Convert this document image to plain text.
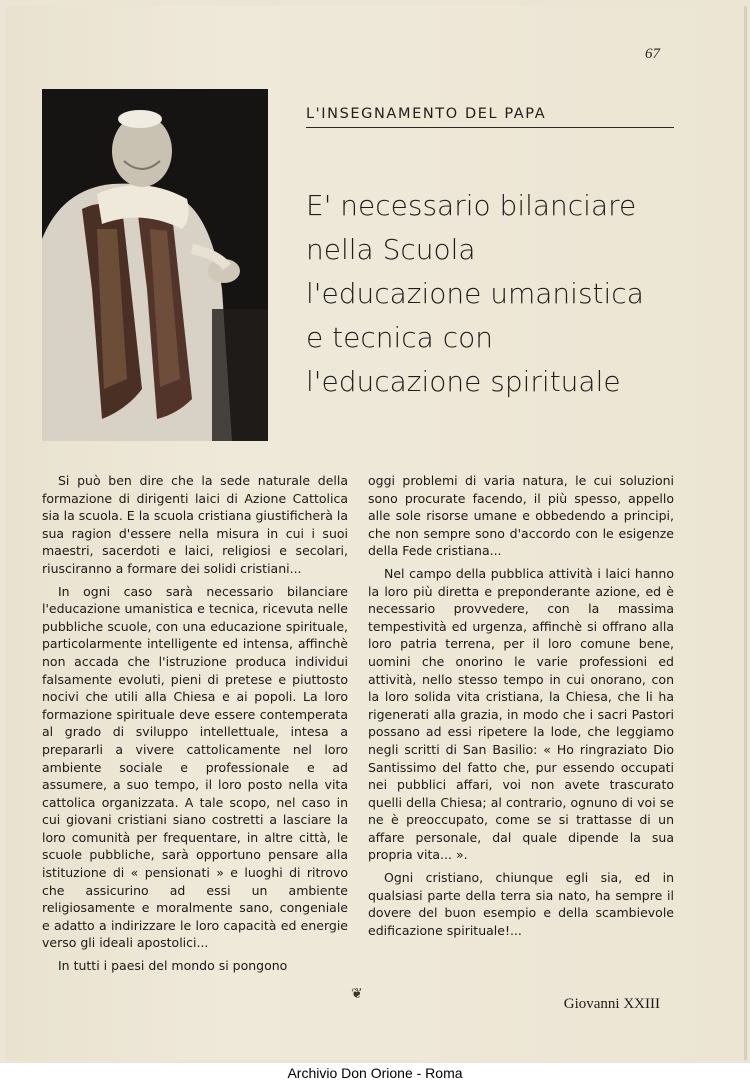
67
L'INSEGNAMENTO DEL PAPA
E' necessario bilanciare
nella Scuola
l'educazione umanistica
e tecnica con
l'educazione spirituale

Si può ben dire che la sede naturale della formazione di dirigenti laici di Azione Cattolica sia la scuola. E la scuola cristiana giustificherà la sua ragion d'essere nella misura in cui i suoi maestri, sacerdoti e laici, religiosi e secolari, riusciranno a formare dei solidi cristiani...

In ogni caso sarà necessario bilanciare l'educazione umanistica e tecnica, ricevuta nelle pubbliche scuole, con una educazione spirituale, particolarmente intelligente ed intensa, affinchè non accada che l'istruzione produca individui falsamente evoluti, pieni di pretese e piuttosto nocivi che utili alla Chiesa e ai popoli. La loro formazione spirituale deve essere contemperata al grado di sviluppo intellettuale, intesa a prepararli a vivere cattolicamente nel loro ambiente sociale e professionale e ad assumere, a suo tempo, il loro posto nella vita cattolica organizzata. A tale scopo, nel caso in cui giovani cristiani siano costretti a lasciare la loro comunità per frequentare, in altre città, le scuole pubbliche, sarà opportuno pensare alla istituzione di « pensionati » e luoghi di ritrovo che assicurino ad essi un ambiente religiosamente e moralmente sano, congeniale e adatto a indirizzare le loro capacità ed energie verso gli ideali apostolici...

In tutti i paesi del mondo si pongono

oggi problemi di varia natura, le cui soluzioni sono procurate facendo, il più spesso, appello alle sole risorse umane e obbedendo a principi, che non sempre sono d'accordo con le esigenze della Fede cristiana...

Nel campo della pubblica attività i laici hanno la loro più diretta e preponderante azione, ed è necessario provvedere, con la massima tempestività ed urgenza, affinchè si offrano alla loro patria terrena, per il loro comune bene, uomini che onorino le varie professioni ed attività, nello stesso tempo in cui onorano, con la loro solida vita cristiana, la Chiesa, che li ha rigenerati alla grazia, in modo che i sacri Pastori possano ad essi ripetere la lode, che leggiamo negli scritti di San Basilio: « Ho ringraziato Dio Santissimo del fatto che, pur essendo occupati nei pubblici affari, voi non avete trascurato quelli della Chiesa; al contrario, ognuno di voi se ne è preoccupato, come se si trattasse di un affare personale, dal quale dipende la sua propria vita... ».

Ogni cristiano, chiunque egli sia, ed in qualsiasi parte della terra sia nato, ha sempre il dovere del buon esempio e della scambievole edificazione spirituale!...

❦
Giovanni XXIII
Archivio Don Orione - Roma
